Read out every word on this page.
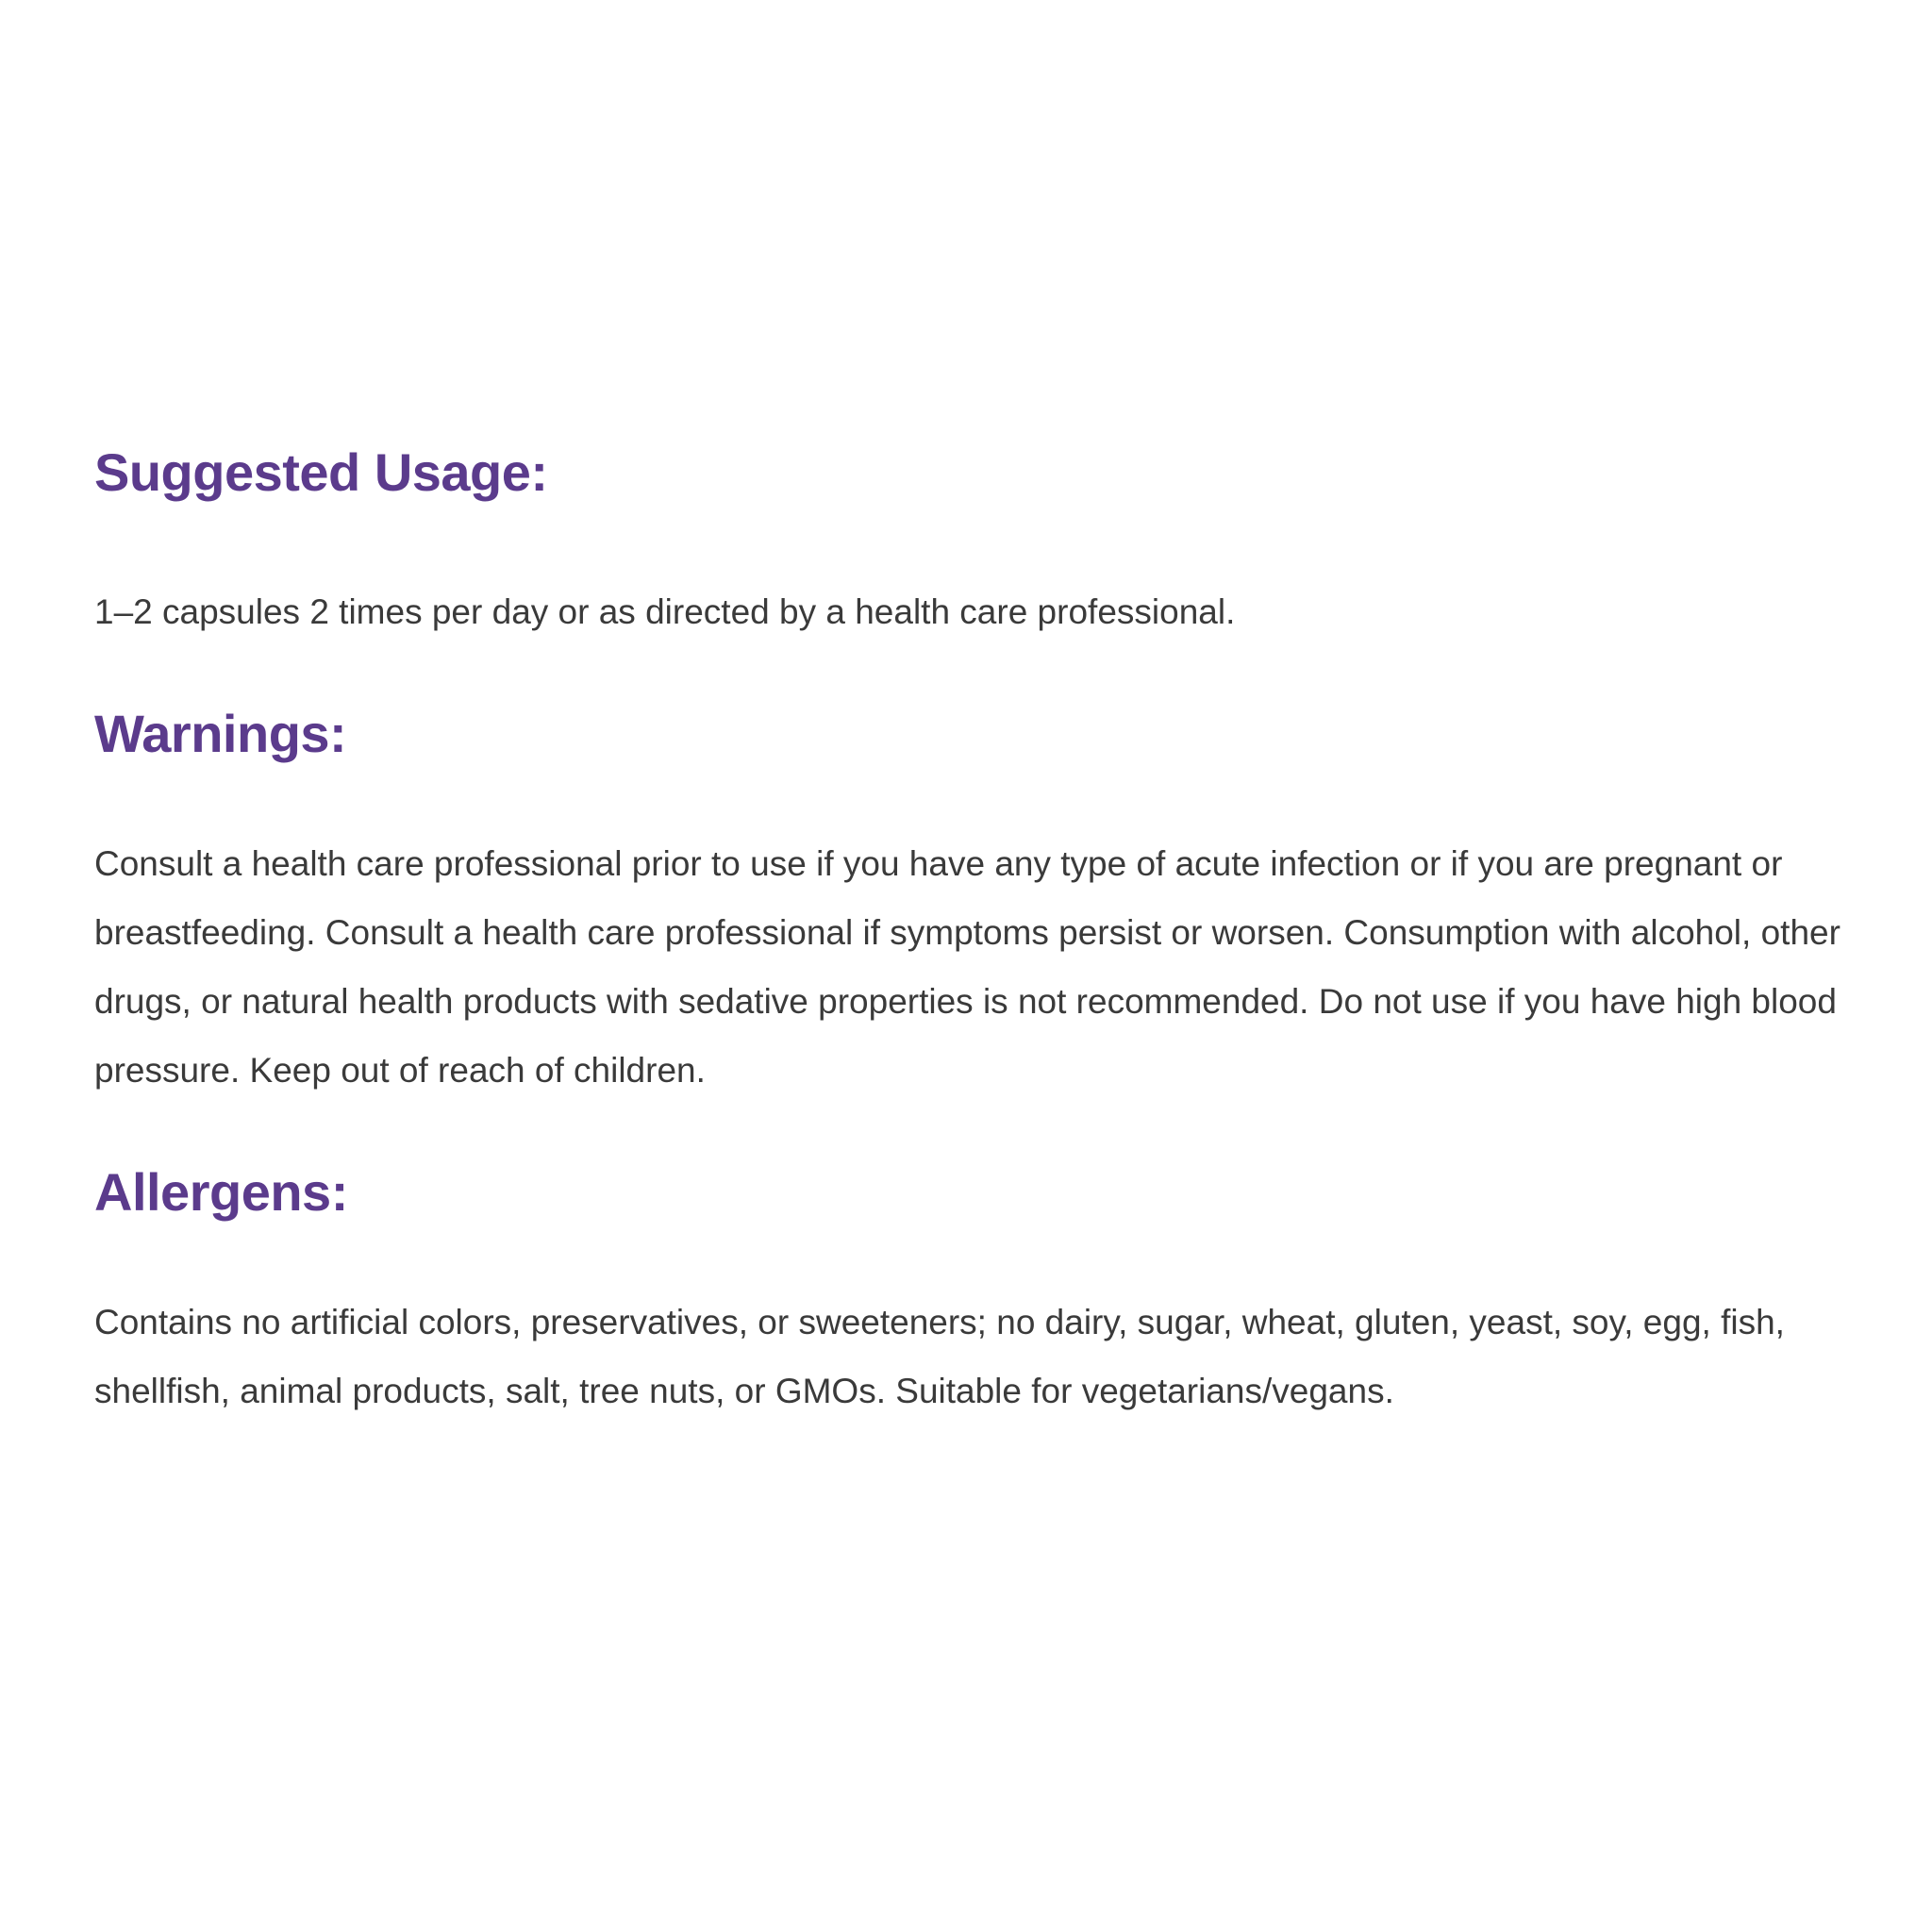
Suggested Usage:

1–2 capsules 2 times per day or as directed by a health care professional.

Warnings:

Consult a health care professional prior to use if you have any type of acute infection or if you are pregnant or breastfeeding. Consult a health care professional if symptoms persist or worsen. Consumption with alcohol, other drugs, or natural health products with sedative properties is not recommended. Do not use if you have high blood pressure. Keep out of reach of children.

Allergens:

Contains no artificial colors, preservatives, or sweeteners; no dairy, sugar, wheat, gluten, yeast, soy, egg, fish, shellfish, animal products, salt, tree nuts, or GMOs. Suitable for vegetarians/vegans.
